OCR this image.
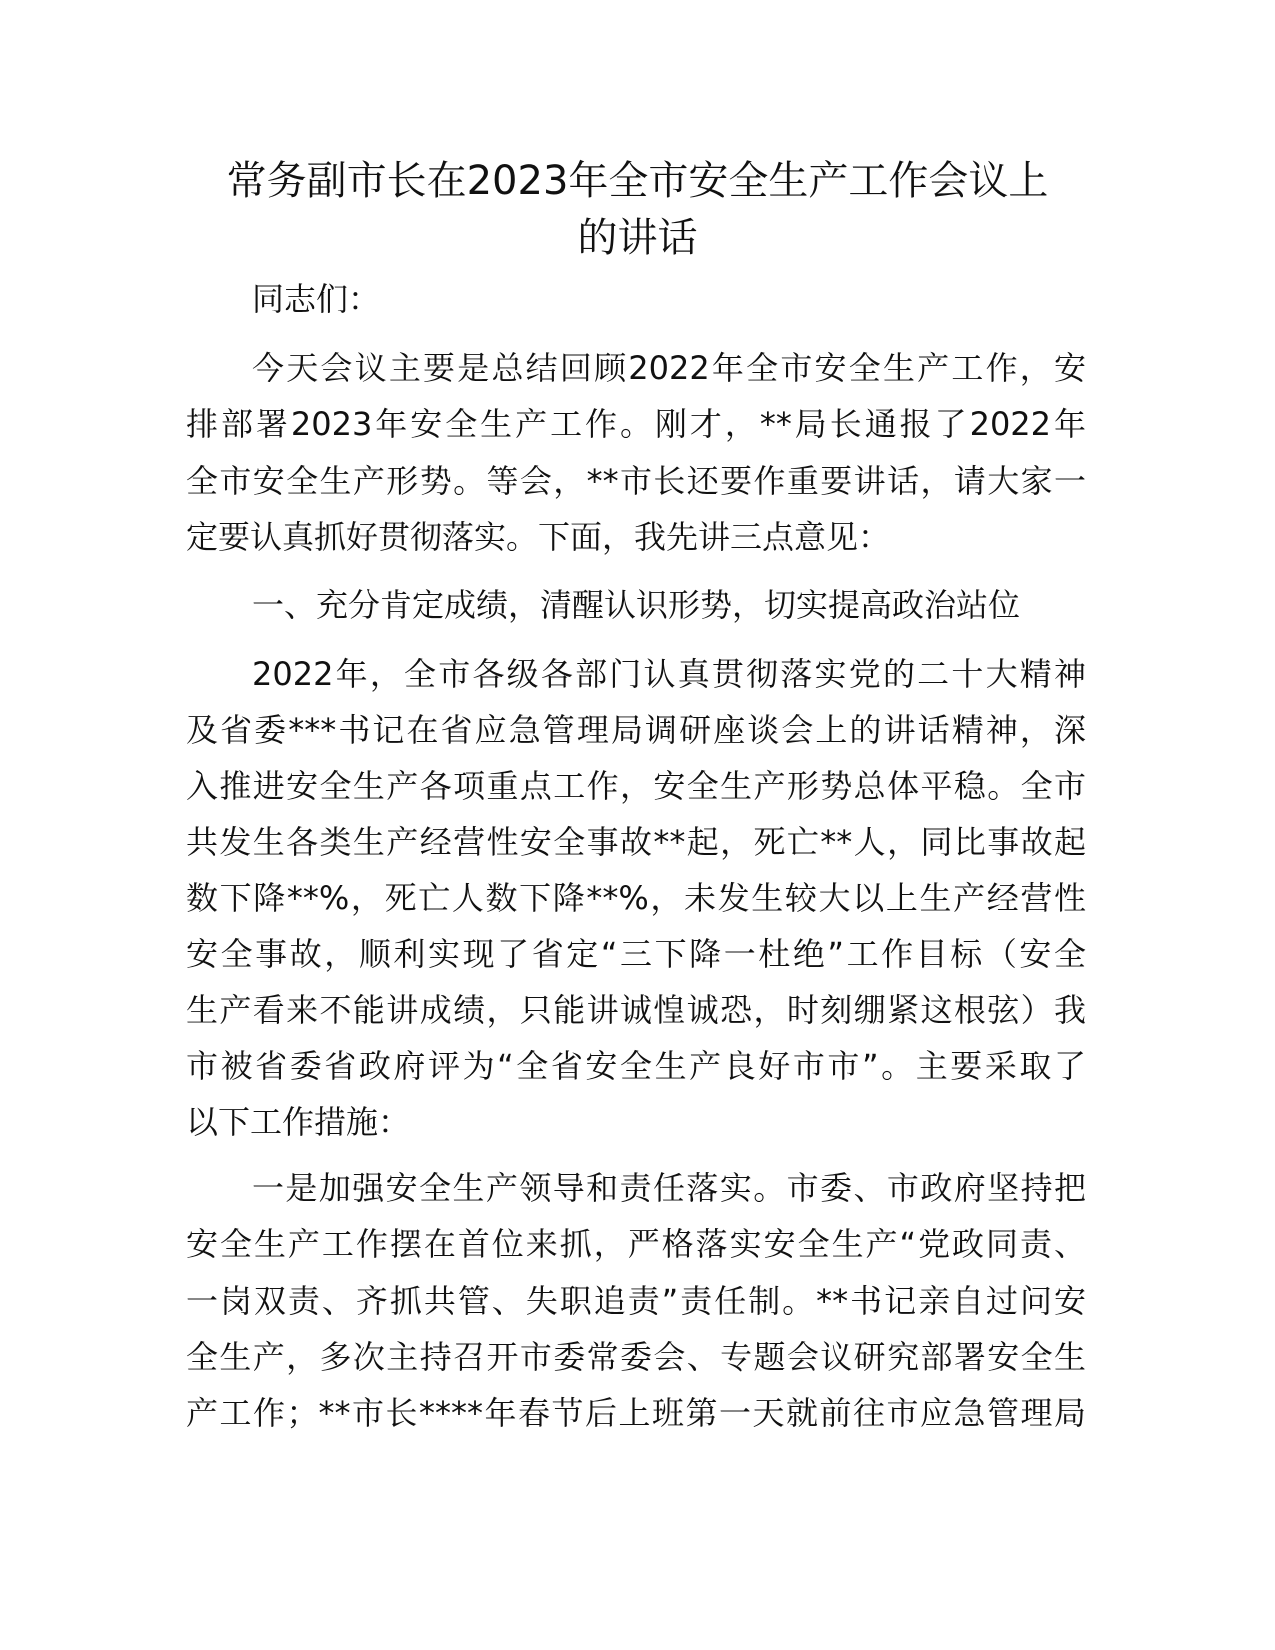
常务副市长在2023年全市安全生产工作会议上
的讲话
同志们：
今天会议主要是总结回顾2022年全市安全生产工作，安
排部署2023年安全生产工作。刚才，**局长通报了2022年
全市安全生产形势。等会，**市长还要作重要讲话，请大家一
定要认真抓好贯彻落实。下面，我先讲三点意见：
一、充分肯定成绩，清醒认识形势，切实提高政治站位
2022年，全市各级各部门认真贯彻落实党的二十大精神
及省委***书记在省应急管理局调研座谈会上的讲话精神，深
入推进安全生产各项重点工作，安全生产形势总体平稳。全市
共发生各类生产经营性安全事故**起，死亡**人，同比事故起
数下降**%，死亡人数下降**%，未发生较大以上生产经营性
安全事故，顺利实现了省定“三下降一杜绝”工作目标（安全
生产看来不能讲成绩，只能讲诚惶诚恐，时刻绷紧这根弦）我
市被省委省政府评为“全省安全生产良好市市”。主要采取了
以下工作措施：
一是加强安全生产领导和责任落实。市委、市政府坚持把
安全生产工作摆在首位来抓，严格落实安全生产“党政同责、
一岗双责、齐抓共管、失职追责”责任制。**书记亲自过问安
全生产，多次主持召开市委常委会、专题会议研究部署安全生
产工作；**市长****年春节后上班第一天就前往市应急管理局
